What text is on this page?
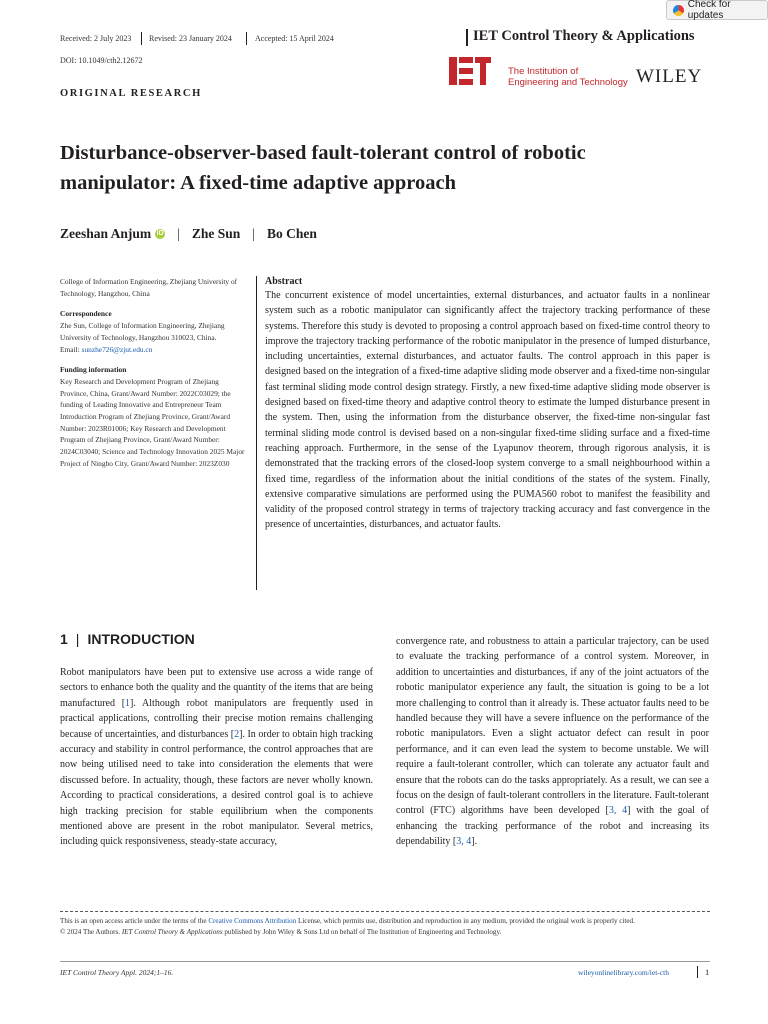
Check for updates
Received: 2 July 2023 Revised: 23 January 2024	Accepted: 15 April 2024	IET Control Theory & Applications
DOI: 10.1049/cth2.12672
The Institution of
Engineering and Technology WILEY
ORIGINAL RESEARCH
Disturbance-observer-based fault-tolerant control of robotic manipulator: A fixed-time adaptive approach
Zeeshan Anjum iD | Zhe Sun | Bo Chen
College of Information Engineering, Zhejiang University of Technology, Hangzhou, China
Correspondence
Zhe Sun, College of Information Engineering, Zhejiang University of Technology, Hangzhou 310023, China.
Email: sunzhe726@zjut.edu.cn
Funding information
Key Research and Development Program of Zhejiang Province, China, Grant/Award Number: 2022C03029; the funding of Leading Innovative and Entrepreneur Team Introduction Program of Zhejiang Province, Grant/Award Number: 2023R01006; Key Research and Development Program of Zhejiang Province, Grant/Award Number: 2024C03040; Science and Technology Innovation 2025 Major Project of Ningbo City, Grant/Award Number: 2023Z030
Abstract
The concurrent existence of model uncertainties, external disturbances, and actuator faults in a nonlinear system such as a robotic manipulator can significantly affect the trajectory tracking performance of these systems. Therefore this study is devoted to proposing a control approach based on fixed-time control theory to improve the trajectory tracking performance of the robotic manipulator in the presence of lumped disturbance, including uncertainties, external disturbances, and actuator faults. The control approach in this paper is designed based on the integration of a fixed-time adaptive sliding mode observer and a fixed-time non-singular fast terminal sliding mode control design strategy. Firstly, a new fixed-time adaptive sliding mode observer is designed based on fixed-time theory and adaptive control theory to estimate the lumped disturbance present in the system. Then, using the information from the disturbance observer, the fixed-time non-singular fast terminal sliding mode control is devised based on a non-singular fixed-time sliding surface and a fixed-time reaching approach. Furthermore, in the sense of the Lyapunov theorem, through rigorous analysis, it is demonstrated that the tracking errors of the closed-loop system converge to a small neighbourhood within a fixed time, regardless of the information about the initial conditions of the states of the system. Finally, extensive comparative simulations are performed using the PUMA560 robot to manifest the feasibility and validity of the proposed control strategy in terms of trajectory tracking accuracy and fast convergence in the presence of uncertainties, disturbances, and actuator faults.
1 | INTRODUCTION
Robot manipulators have been put to extensive use across a wide range of sectors to enhance both the quality and the quantity of the items that are being manufactured [1]. Although robot manipulators are frequently used in practical applications, controlling their precise motion remains challenging because of uncertainties, and disturbances [2]. In order to obtain high tracking accuracy and stability in control performance, the control approaches that are now being utilised need to take into consideration the elements that were discussed before. In actuality, though, these factors are never wholly known. According to practical considerations, a desired control goal is to achieve high tracking precision for stable equilibrium when the components mentioned above are present in the robot manipulator. Several metrics, including quick responsiveness, steady-state accuracy,
convergence rate, and robustness to attain a particular trajectory, can be used to evaluate the tracking performance of a control system. Moreover, in addition to uncertainties and disturbances, if any of the joint actuators of the robotic manipulator experience any fault, the situation is going to be a lot more challenging to control than it already is. These actuator faults need to be handled because they will have a severe influence on the performance of the robotic manipulators. Even a slight actuator defect can result in poor performance, and it can even lead the system to become unstable. We will require a fault-tolerant controller, which can tolerate any actuator fault and ensure that the robots can do the tasks appropriately. As a result, we can see a focus on the design of fault-tolerant controllers in the literature. Fault-tolerant control (FTC) algorithms have been developed [3, 4] with the goal of enhancing the tracking performance of the robot and increasing its dependability [3, 4].
This is an open access article under the terms of the Creative Commons Attribution License, which permits use, distribution and reproduction in any medium, provided the original work is properly cited.
© 2024 The Authors. IET Control Theory & Applications published by John Wiley & Sons Ltd on behalf of The Institution of Engineering and Technology.
IET Control Theory Appl. 2024;1–16.	wileyonlinelibrary.com/iet-cth	1
